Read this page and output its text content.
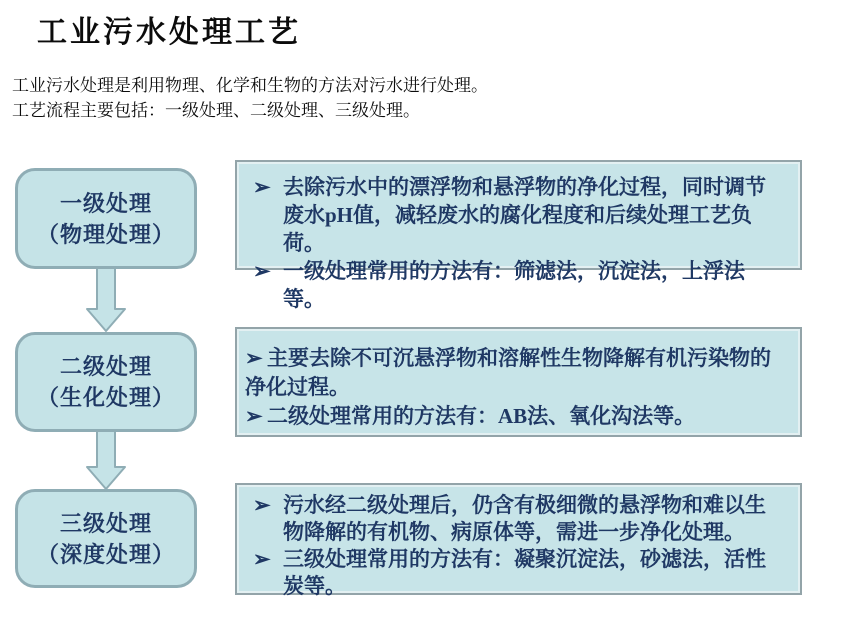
工业污水处理工艺
工业污水处理是利用物理、化学和生物的方法对污水进行处理。
工艺流程主要包括：一级处理、二级处理、三级处理。
一级处理
（物理处理）
二级处理
（生化处理）
三级处理
（深度处理）

➢ 去除污水中的漂浮物和悬浮物的净化过程，同时调节废水pH值，减轻废水的腐化程度和后续处理工艺负荷。

➢ 一级处理常用的方法有：筛滤法，沉淀法，上浮法等。

➢ 主要去除不可沉悬浮物和溶解性生物降解有机污染物的净化过程。

➢ 二级处理常用的方法有：AB法、氧化沟法等。

➢ 污水经二级处理后，仍含有极细微的悬浮物和难以生物降解的有机物、病原体等，需进一步净化处理。

➢ 三级处理常用的方法有：凝聚沉淀法，砂滤法，活性炭等。
